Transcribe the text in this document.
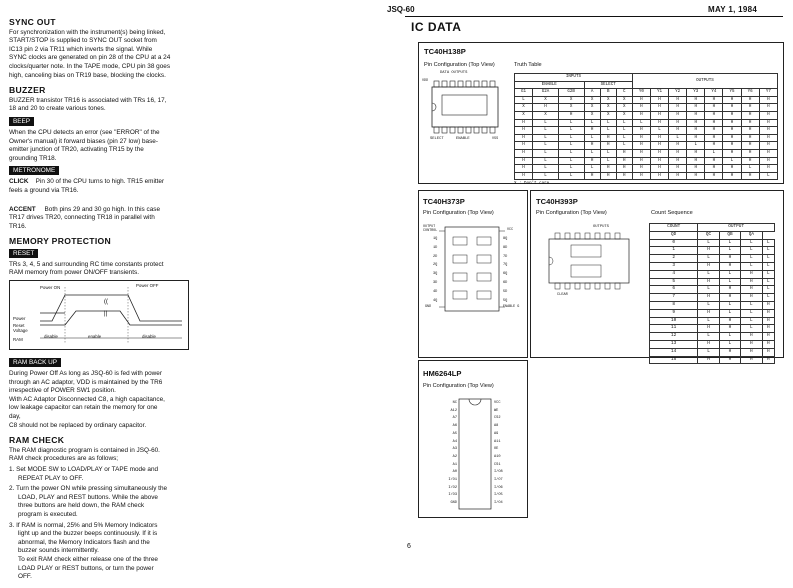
JSQ-60	MAY 1, 1984
SYNC OUT

For synchronization with the instrument(s) being linked,
START/STOP is supplied to SYNC OUT socket from
IC13 pin 2 via TR11 which inverts the signal. While
SYNC clocks are generated on pin 28 of the CPU at a 24
clocks/quarter note. In the TAPE mode, CPU pin 38 goes
high, canceling bias on TR19 base, blocking the clocks.

BUZZER

BUZZER transistor TR16 is associated with TRs 16, 17,
18 and 20 to create various tones.

BEEP

When the CPU detects an error (see "ERROR" of the
Owner's manual) it forward biases (pin 27 low) base-
emitter junction of TR20, activating TR15 by the
grounding TR18.

METRONOME

CLICK Pin 30 of the CPU turns to high. TR15 emitter
feels a ground via TR16.

ACCENT Both pins 29 and 30 go high. In this case
TR17 drives TR20, connecting TR18 in parallel with
TR16.

MEMORY PROTECTION
RESET

TRs 3, 4, 5 and surrounding RC time constants protect
RAM memory from power ON/OFF transients.

((
||
Power ON	Power OFF
Power
Reset
Voltage
RAM
disable	enable	disable
RAM BACK UP

During Power Off As long as JSQ-60 is fed with power
through an AC adaptor, VDD is maintained by the TR6
irrespective of POWER SW1 position.
With AC Adaptor Disconnected C8, a high capacitance,
low leakage capacitor can retain the memory for one
day,
C8 should not be replaced by ordinary capacitor.

RAM CHECK

The RAM diagnostic program is contained in JSQ-60.
RAM check procedures are as follows;

1. Set MODE SW to LOAD/PLAY or TAPE mode and
REPEAT PLAY to OFF.

2. Turn the power ON while pressing simultaneously the
LOAD, PLAY and REST buttons. While the above
three buttons are held down, the RAM check
program is executed.

3. If RAM is normal, 25% and 5% Memory Indicators
light up and the buzzer beeps continuously. If it is
abnormal, the Memory Indicators flash and the
buzzer sounds intermittently.
To exit RAM check either release one of the three
LOAD PLAY or REST buttons, or turn the power
OFF.

IC DATA
TC40H138P
Pin Configuration (Top View)	Truth Table
DATA OUTPUTS
VDD
SELECT	ENABLE	VSS
INPUTS						OUTPUTS							
ENABLE			SELECT										
G1	G2A	G2B	A	B	C	Y0	Y1	Y2	Y3	Y4	Y5	Y6	Y7
L	X	X	X	X	X	H	H	H	H	H	H	H	H
X	H	X	X	X	X	H	H	H	H	H	H	H	H
X	X	H	X	X	X	H	H	H	H	H	H	H	H
H	L	L	L	L	L	L	H	H	H	H	H	H	H
H	L	L	H	L	L	H	L	H	H	H	H	H	H
H	L	L	L	H	L	H	H	L	H	H	H	H	H
H	L	L	H	H	L	H	H	H	L	H	H	H	H
H	L	L	L	L	H	H	H	H	H	L	H	H	H
H	L	L	H	L	H	H	H	H	H	H	L	H	H
H	L	L	L	H	H	H	H	H	H	H	H	L	H
H	L	L	H	H	H	H	H	H	H	H	H	H	L
X : Don't care
TC40H373P
Pin Configuration (Top View)
OUTPUT
CONTROL	VCC
GND	ENABLE G
1Q
1D
2D
2Q
3Q
3D
4D
4Q
8Q
8D
7D
7Q
6Q
6D
5D
5Q
TC40H393P
Pin Configuration (Top View)	Count Sequence
OUTPUTS
CLEAR
COUNT	OUTPUT			
QD	QC	QB	QA	
0	L	L	L	L
1	H	L	L	L
2	L	H	L	L
3	H	H	L	L
4	L	L	H	L
5	H	L	H	L
6	L	H	H	L
7	H	H	H	L
8	L	L	L	H
9	H	L	L	H
10	L	H	L	H
11	H	H	L	H
12	L	L	H	H
13	H	L	H	H
14	L	H	H	H
15	H	H	H	H
HM6264LP
Pin Configuration (Top View)
NC
A12
A7
A6
A5
A4
A3
A2
A1
A0
I/O1
I/O2
I/O3
GND
VCC
WE
CS2
A8
A9
A11
OE
A10
CS1
I/O8
I/O7
I/O6
I/O5
I/O4
6
